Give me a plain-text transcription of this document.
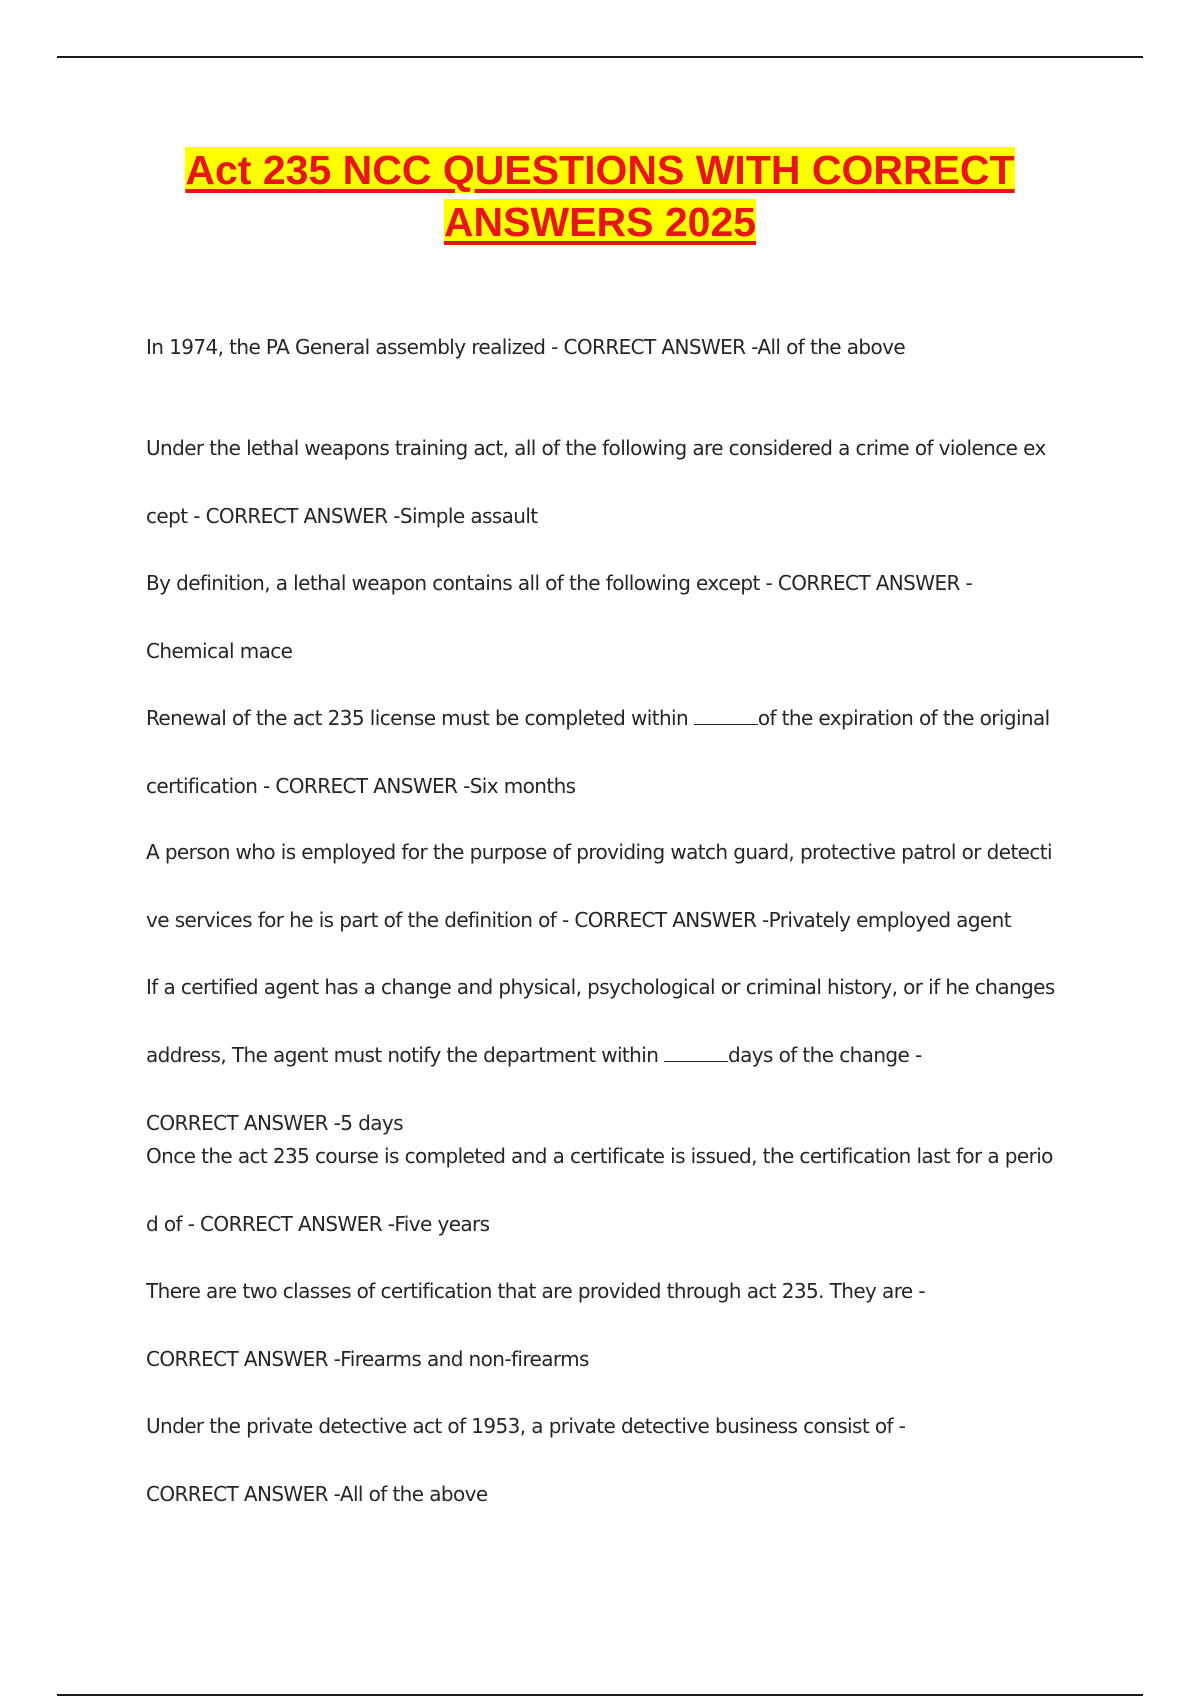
Act 235 NCC QUESTIONS WITH CORRECT
ANSWERS 2025

In 1974, the PA General assembly realized - CORRECT ANSWER -All of the above

Under the lethal weapons training act, all of the following are considered a crime of violence ex

cept - CORRECT ANSWER -Simple assault

By definition, a lethal weapon contains all of the following except - CORRECT ANSWER -

Chemical mace

Renewal of the act 235 license must be completed within	of the expiration of the original

certification - CORRECT ANSWER -Six months

A person who is employed for the purpose of providing watch guard, protective patrol or detecti

ve services for he is part of the definition of - CORRECT ANSWER -Privately employed agent

If a certified agent has a change and physical, psychological or criminal history, or if he changes

address, The agent must notify the department within	days of the change -

CORRECT ANSWER -5 days

Once the act 235 course is completed and a certificate is issued, the certification last for a perio

d of - CORRECT ANSWER -Five years

There are two classes of certification that are provided through act 235. They are -

CORRECT ANSWER -Firearms and non-firearms

Under the private detective act of 1953, a private detective business consist of -

CORRECT ANSWER -All of the above
